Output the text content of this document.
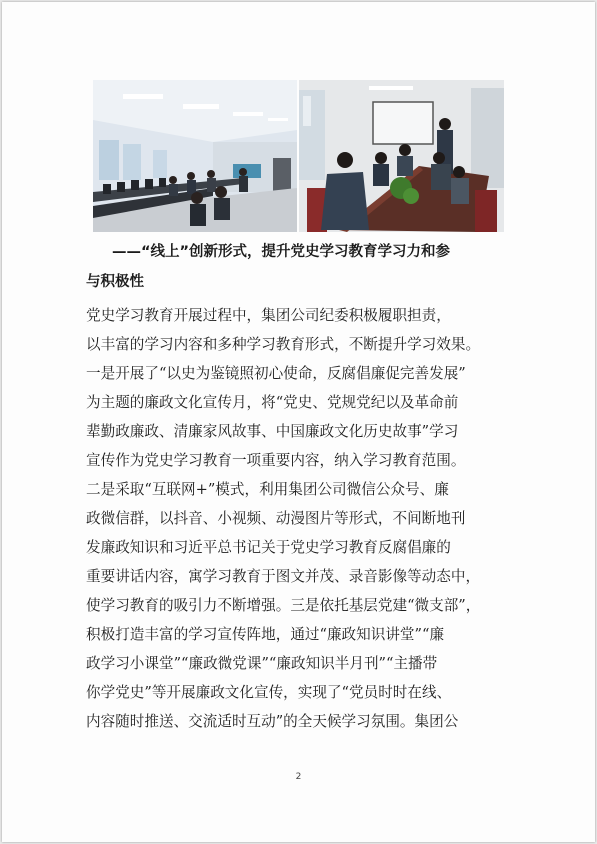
——“线上”创新形式，提升党史学习教育学习力和参
与积极性
党史学习教育开展过程中，集团公司纪委积极履职担责，
以丰富的学习内容和多种学习教育形式，不断提升学习效果。
一是开展了“以史为鉴镜照初心使命，反腐倡廉促完善发展”
为主题的廉政文化宣传月，将“党史、党规党纪以及革命前
辈勤政廉政、清廉家风故事、中国廉政文化历史故事”学习
宣传作为党史学习教育一项重要内容，纳入学习教育范围。
二是采取“互联网+”模式，利用集团公司微信公众号、廉
政微信群，以抖音、小视频、动漫图片等形式，不间断地刊
发廉政知识和习近平总书记关于党史学习教育反腐倡廉的
重要讲话内容，寓学习教育于图文并茂、录音影像等动态中，
使学习教育的吸引力不断增强。三是依托基层党建“微支部”，
积极打造丰富的学习宣传阵地，通过“廉政知识讲堂”“廉
政学习小课堂”“廉政微党课”“廉政知识半月刊”“主播带
你学党史”等开展廉政文化宣传，实现了“党员时时在线、
内容随时推送、交流适时互动”的全天候学习氛围。集团公
2
